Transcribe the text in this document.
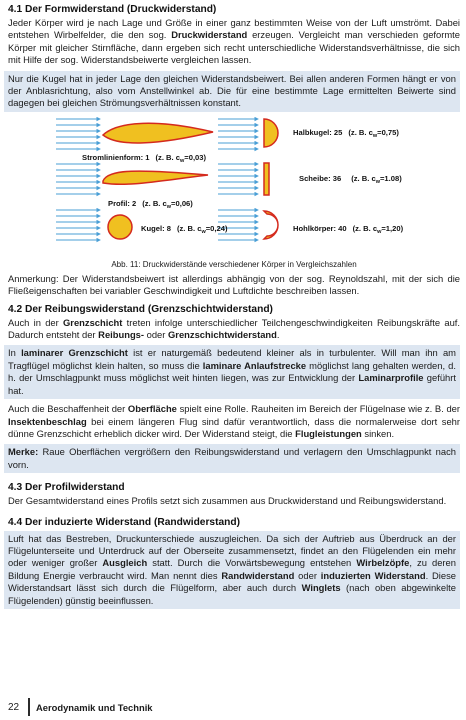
4.1 Der Formwiderstand (Druckwiderstand)

Jeder Körper wird je nach Lage und Größe in einer ganz bestimmten Weise von der Luft umströmt. Dabei entstehen Wirbelfelder, die den sog. Druckwiderstand erzeugen. Vergleicht man verschieden geformte Körper mit gleicher Stirnfläche, dann ergeben sich recht unterschiedliche Widerstandsverhältnisse, die sich mit Hilfe der sog. Widerstandsbeiwerte vergleichen lassen.

Nur die Kugel hat in jeder Lage den gleichen Widerstandsbeiwert. Bei allen anderen Formen hängt er von der Anblasrichtung, also vom Anstellwinkel ab. Die für eine bestimmte Lage ermittelten Beiwerte sind dagegen bei gleichen Strömungsverhältnissen konstant.

Halbkugel: 25 (z. B. $c_w=0,75$)
Stromlinienform: 1 (z. B. $c_w=0,03$)
Scheibe: 36 (z. B. $c_w=1.08$)
Profil: 2 (z. B. $c_w=0,06$)
Kugel: 8 (z. B. $c_w=0,24$)	Hohlkörper: 40 (z. B. $c_w=1,20$)
Abb. 11: Druckwiderstände verschiedener Körper in Vergleichszahlen

Anmerkung: Der Widerstandsbeiwert ist allerdings abhängig von der sog. Reynoldszahl, mit der sich die Fließeigenschaften bei variabler Geschwindigkeit und Luftdichte beschreiben lassen.

4.2 Der Reibungswiderstand (Grenzschichtwiderstand)

Auch in der Grenzschicht treten infolge unterschiedlicher Teilchengeschwindigkeiten Reibungskräfte auf. Dadurch entsteht der Reibungs- oder Grenzschichtwiderstand.

In laminarer Grenzschicht ist er naturgemäß bedeutend kleiner als in turbulenter. Will man ihn am Tragflügel möglichst klein halten, so muss die laminare Anlaufstrecke möglichst lang gehalten werden, d. h. der Umschlagpunkt muss möglichst weit hinten liegen, was zur Entwicklung der Laminarprofile geführt hat.

Auch die Beschaffenheit der Oberfläche spielt eine Rolle. Rauheiten im Bereich der Flügelnase wie z. B. der Insektenbeschlag bei einem längeren Flug sind dafür verantwortlich, dass die normalerweise dort sehr dünne Grenzschicht erheblich dicker wird. Der Widerstand steigt, die Flugleistungen sinken.

Merke: Raue Oberflächen vergrößern den Reibungswiderstand und verlagern den Umschlagpunkt nach vorn.

4.3 Der Profilwiderstand

Der Gesamtwiderstand eines Profils setzt sich zusammen aus Druckwiderstand und Reibungswiderstand.

4.4 Der induzierte Widerstand (Randwiderstand)

Luft hat das Bestreben, Druckunterschiede auszugleichen. Da sich der Auftrieb aus Überdruck an der Flügelunterseite und Unterdruck auf der Oberseite zusammensetzt, findet an den Flügelenden ein mehr oder weniger großer Ausgleich statt. Durch die Vorwärtsbewegung entstehen Wirbelzöpfe, zu deren Bildung Energie verbraucht wird. Man nennt dies Randwiderstand oder induzierten Widerstand. Diese Widerstandsart lässt sich durch die Flügelform, aber auch durch Winglets (nach oben abgewinkelte Flügelenden) günstig beeinflussen.

22 Aerodynamik und Technik
